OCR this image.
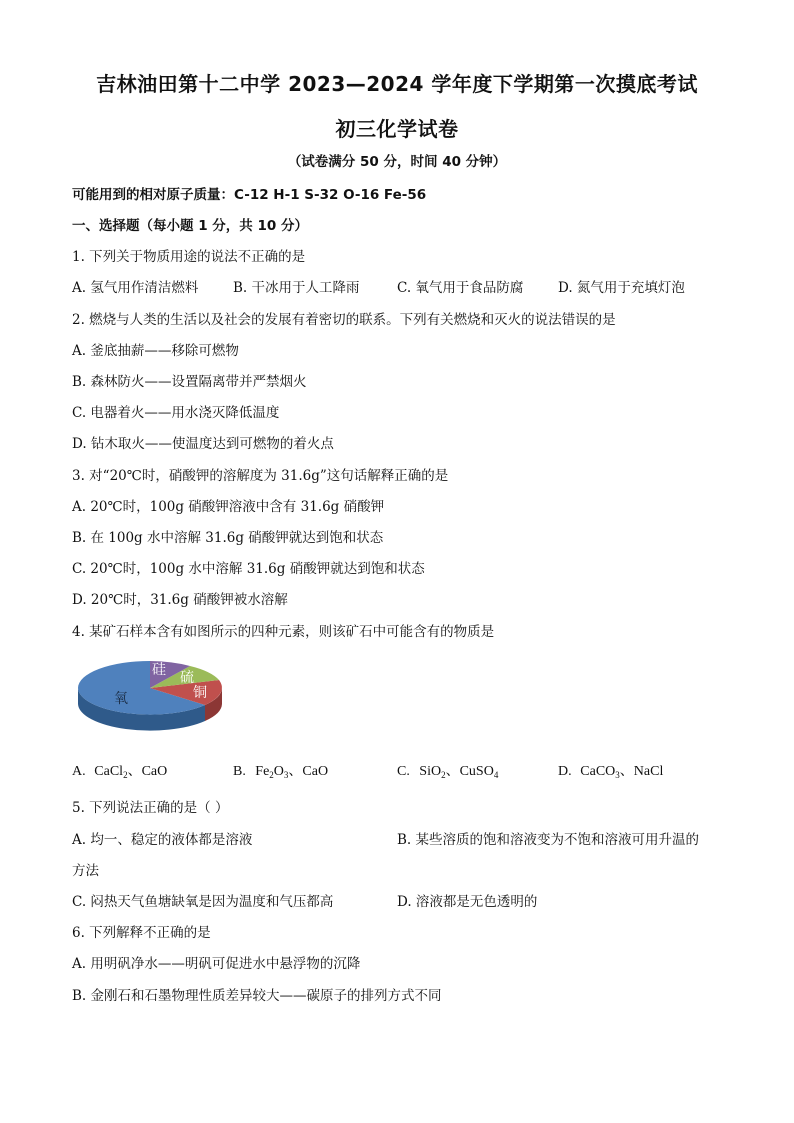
吉林油田第十二中学 2023—2024 学年度下学期第一次摸底考试
初三化学试卷
（试卷满分 50 分，时间 40 分钟）
可能用到的相对原子质量：C-12 H-1 S-32 O-16 Fe-56
一、选择题（每小题 1 分，共 10 分）
1. 下列关于物质用途的说法不正确的是
A. 氢气用作清洁燃料	B. 干冰用于人工降雨	C. 氧气用于食品防腐	D. 氮气用于充填灯泡
2. 燃烧与人类的生活以及社会的发展有着密切的联系。下列有关燃烧和灭火的说法错误的是
A. 釜底抽薪——移除可燃物
B. 森林防火——设置隔离带并严禁烟火
C. 电器着火——用水浇灭降低温度
D. 钻木取火——使温度达到可燃物的着火点
3. 对“20℃时，硝酸钾的溶解度为 31.6g”这句话解释正确的是
A. 20℃时，100g 硝酸钾溶液中含有 31.6g 硝酸钾
B. 在 100g 水中溶解 31.6g 硝酸钾就达到饱和状态
C. 20℃时，100g 水中溶解 31.6g 硝酸钾就达到饱和状态
D. 20℃时，31.6g 硝酸钾被水溶解
4. 某矿石样本含有如图所示的四种元素，则该矿石中可能含有的物质是
硅 硫
铜
氧
A. CaCl$_2$、CaO	B. $Fe_2O_3$、CaO	C. SiO$_2$、CuSO$_4$	D. CaCO$_3$、NaCl
5. 下列说法正确的是（ ）
A. 均一、稳定的液体都是溶液	B. 某些溶质的饱和溶液变为不饱和溶液可用升温的
方法
C. 闷热天气鱼塘缺氧是因为温度和气压都高	D. 溶液都是无色透明的
6. 下列解释不正确的是
A. 用明矾净水——明矾可促进水中悬浮物的沉降
B. 金刚石和石墨物理性质差异较大——碳原子的排列方式不同
